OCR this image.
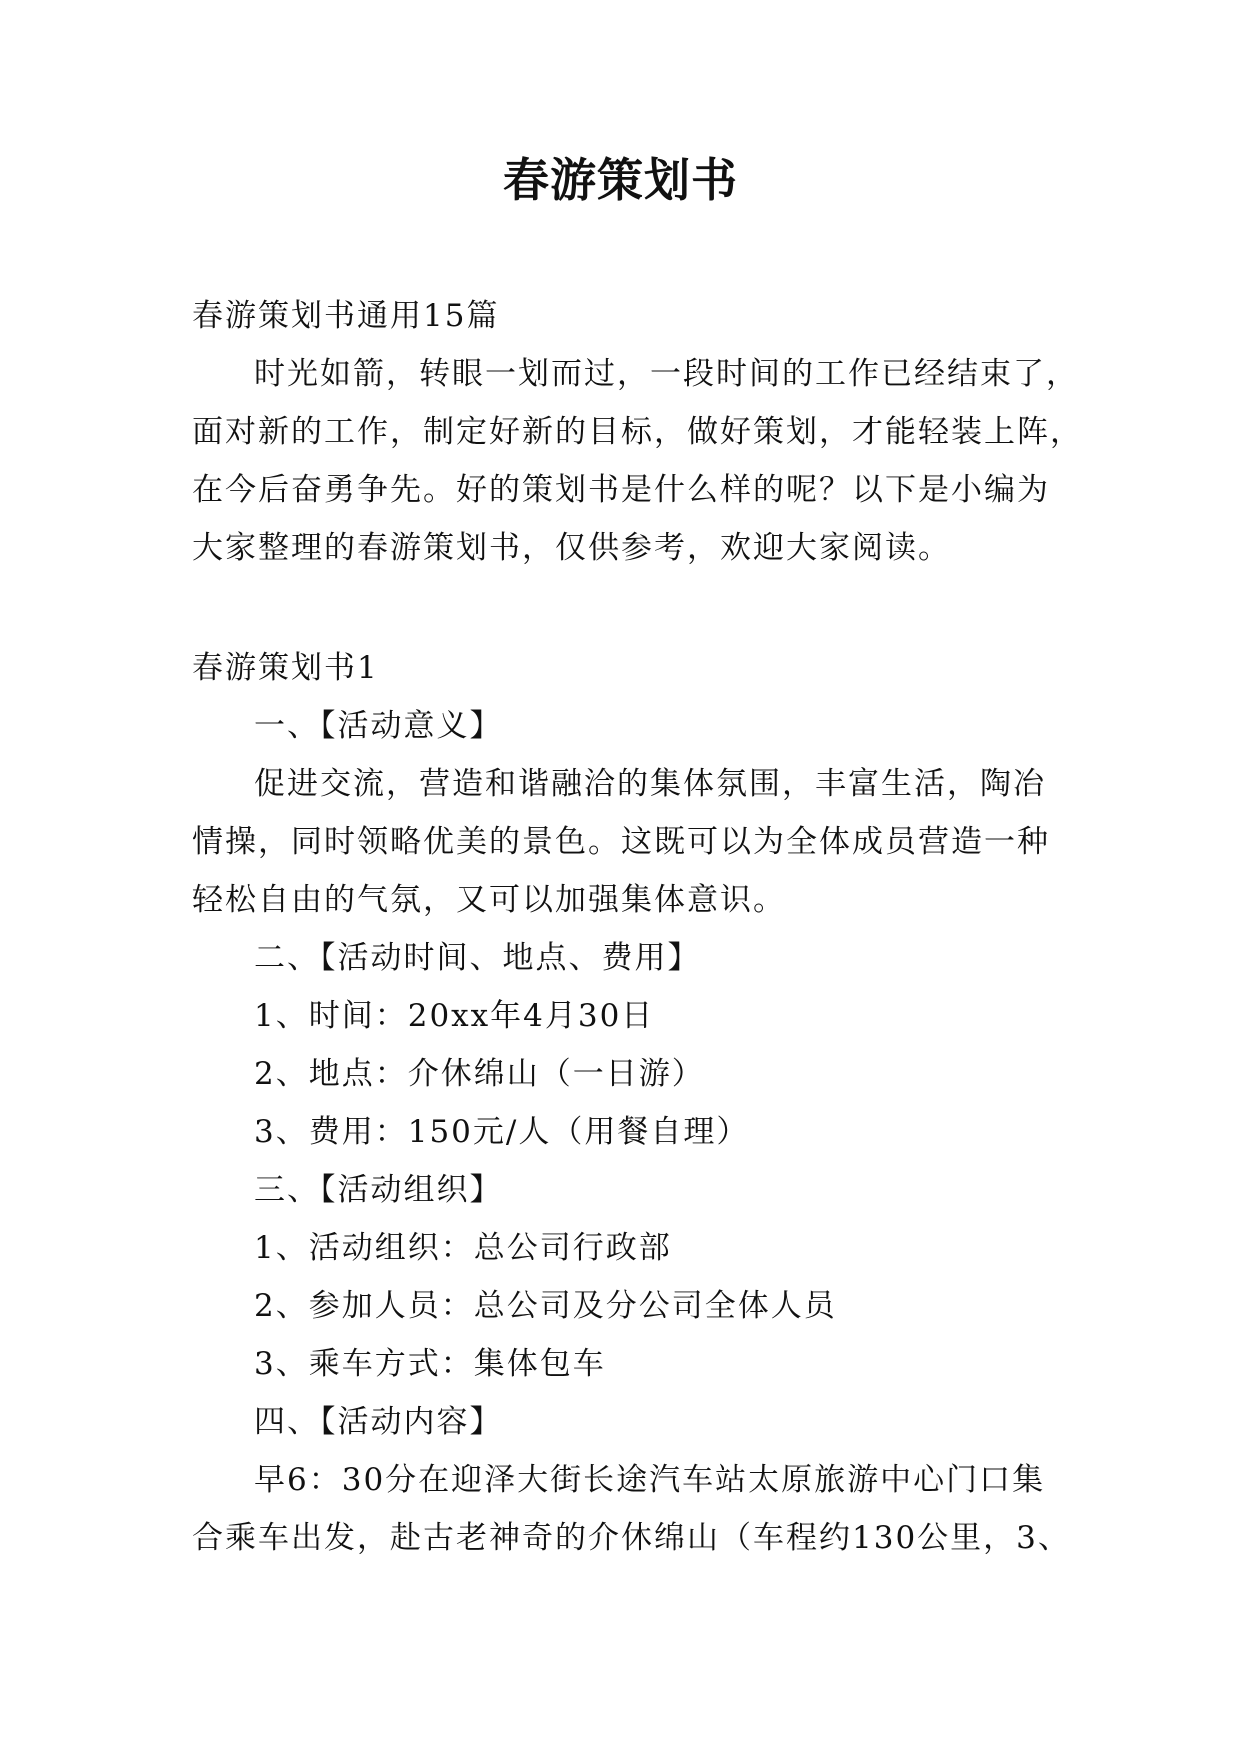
春游策划书
春游策划书通用15篇
时光如箭，转眼一划而过，一段时间的工作已经结束了，
面对新的工作，制定好新的目标，做好策划，才能轻装上阵，
在今后奋勇争先。好的策划书是什么样的呢？以下是小编为
大家整理的春游策划书，仅供参考，欢迎大家阅读。
春游策划书1
一、【活动意义】
促进交流，营造和谐融洽的集体氛围，丰富生活，陶冶
情操，同时领略优美的景色。这既可以为全体成员营造一种
轻松自由的气氛，又可以加强集体意识。
二、【活动时间、地点、费用】
1、时间：20xx年4月30日
2、地点：介休绵山（一日游）
3、费用：150元/人（用餐自理）
三、【活动组织】
1、活动组织：总公司行政部
2、参加人员：总公司及分公司全体人员
3、乘车方式：集体包车
四、【活动内容】
早6：30分在迎泽大街长途汽车站太原旅游中心门口集
合乘车出发，赴古老神奇的介休绵山（车程约130公里，3、
